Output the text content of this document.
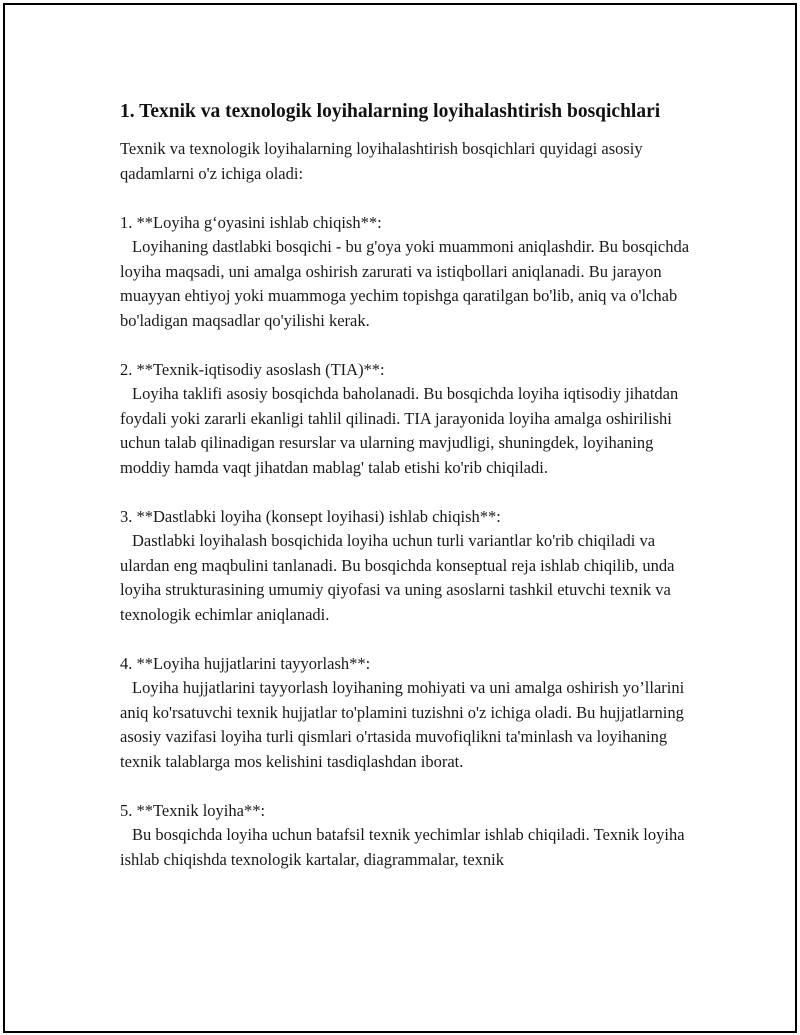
1. Texnik va texnologik loyihalarning loyihalashtirish bosqichlari

Texnik va texnologik loyihalarning loyihalashtirish bosqichlari quyidagi asosiy qadamlarni o'z ichiga oladi:

1. **Loyiha g‘oyasini ishlab chiqish**:

Loyihaning dastlabki bosqichi - bu g'oya yoki muammoni aniqlashdir. Bu bosqichda loyiha maqsadi, uni amalga oshirish zarurati va istiqbollari aniqlanadi. Bu jarayon muayyan ehtiyoj yoki muammoga yechim topishga qaratilgan bo'lib, aniq va o'lchab bo'ladigan maqsadlar qo'yilishi kerak.

2. **Texnik-iqtisodiy asoslash (TIA)**:

Loyiha taklifi asosiy bosqichda baholanadi. Bu bosqichda loyiha iqtisodiy jihatdan foydali yoki zararli ekanligi tahlil qilinadi. TIA jarayonida loyiha amalga oshirilishi uchun talab qilinadigan resurslar va ularning mavjudligi, shuningdek, loyihaning moddiy hamda vaqt jihatdan mablag' talab etishi ko'rib chiqiladi.

3. **Dastlabki loyiha (konsept loyihasi) ishlab chiqish**:

Dastlabki loyihalash bosqichida loyiha uchun turli variantlar ko'rib chiqiladi va ulardan eng maqbulini tanlanadi. Bu bosqichda konseptual reja ishlab chiqilib, unda loyiha strukturasining umumiy qiyofasi va uning asoslarni tashkil etuvchi texnik va texnologik echimlar aniqlanadi.

4. **Loyiha hujjatlarini tayyorlash**:

Loyiha hujjatlarini tayyorlash loyihaning mohiyati va uni amalga oshirish yo’llarini aniq ko'rsatuvchi texnik hujjatlar to'plamini tuzishni o'z ichiga oladi. Bu hujjatlarning asosiy vazifasi loyiha turli qismlari o'rtasida muvofiqlikni ta'minlash va loyihaning texnik talablarga mos kelishini tasdiqlashdan iborat.

5. **Texnik loyiha**:

Bu bosqichda loyiha uchun batafsil texnik yechimlar ishlab chiqiladi. Texnik loyiha ishlab chiqishda texnologik kartalar, diagrammalar, texnik
